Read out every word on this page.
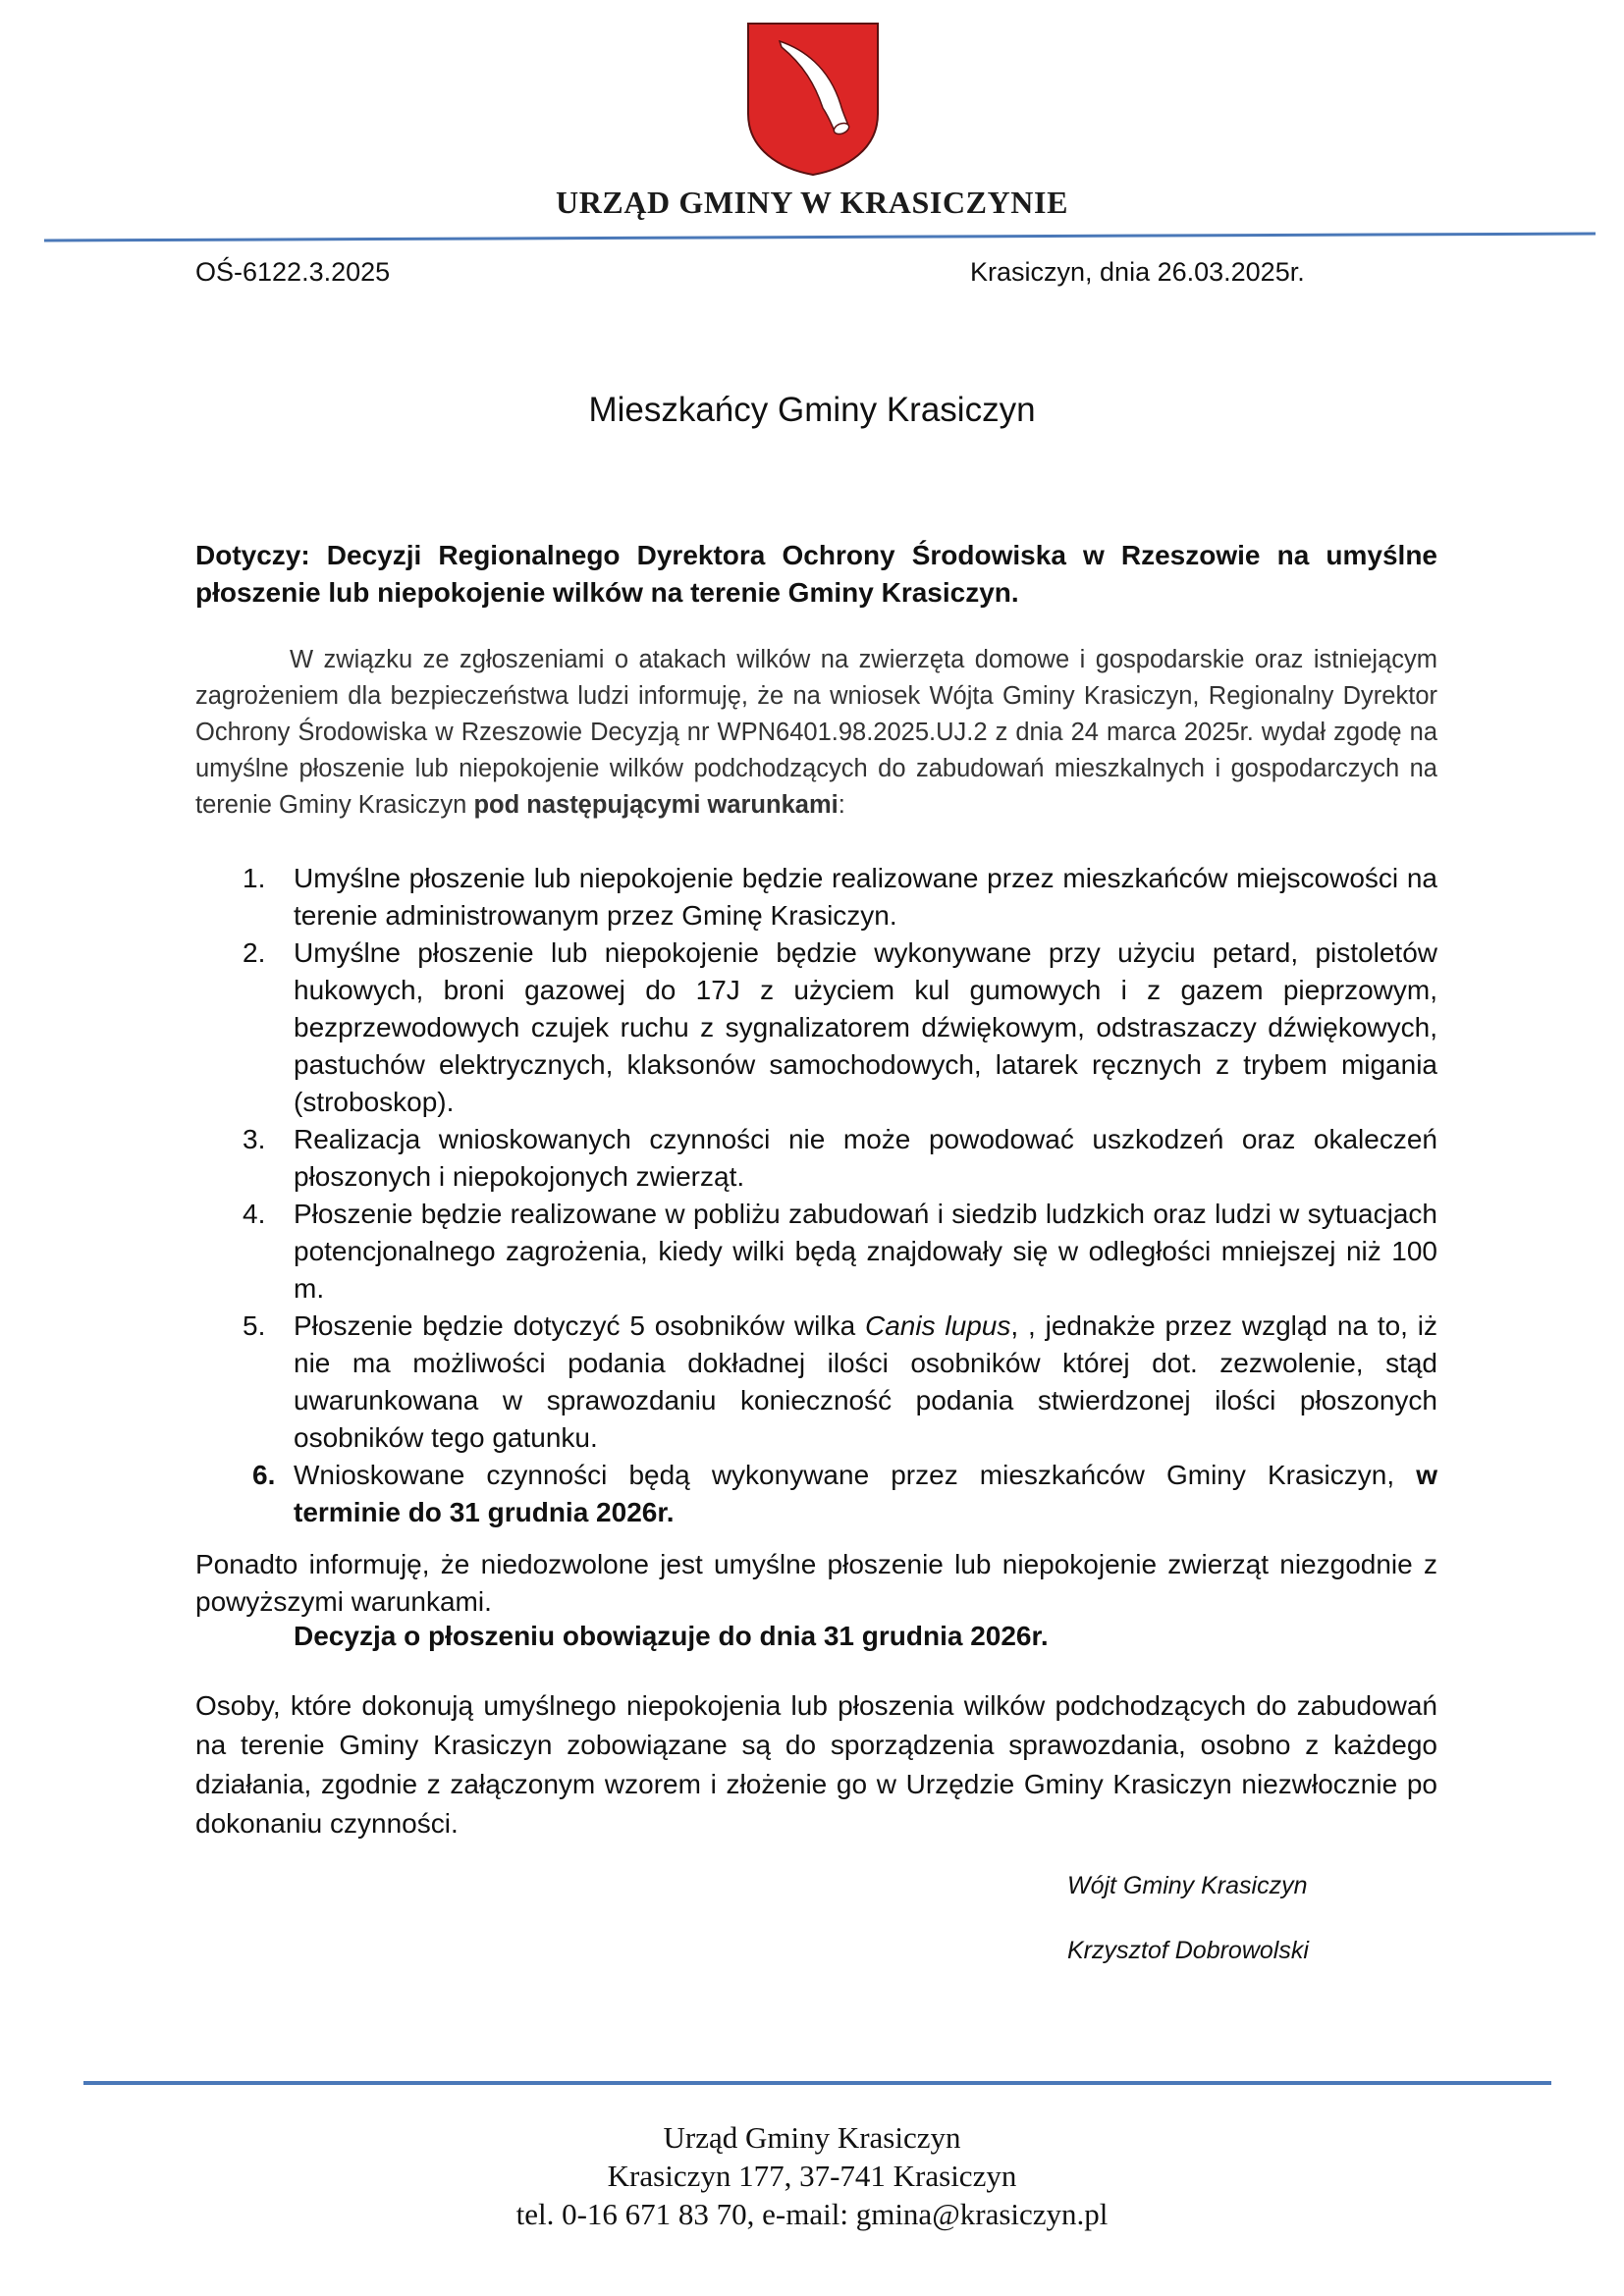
URZĄD GMINY W KRASICZYNIE
OŚ-6122.3.2025	Krasiczyn, dnia 26.03.2025r.
Mieszkańcy Gminy Krasiczyn
Dotyczy: Decyzji Regionalnego Dyrektora Ochrony Środowiska w Rzeszowie na umyślne płoszenie lub niepokojenie wilków na terenie Gminy Krasiczyn.
W związku ze zgłoszeniami o atakach wilków na zwierzęta domowe i gospodarskie oraz istniejącym zagrożeniem dla bezpieczeństwa ludzi informuję, że na wniosek Wójta Gminy Krasiczyn, Regionalny Dyrektor Ochrony Środowiska w Rzeszowie Decyzją nr WPN6401.98.2025.UJ.2 z dnia 24 marca 2025r. wydał zgodę na umyślne płoszenie lub niepokojenie wilków podchodzących do zabudowań mieszkalnych i gospodarczych na terenie Gminy Krasiczyn pod następującymi warunkami:
1. Umyślne płoszenie lub niepokojenie będzie realizowane przez mieszkańców miejscowości na terenie administrowanym przez Gminę Krasiczyn.
2. Umyślne płoszenie lub niepokojenie będzie wykonywane przy użyciu petard, pistoletów hukowych, broni gazowej do 17J z użyciem kul gumowych i z gazem pieprzowym, bezprzewodowych czujek ruchu z sygnalizatorem dźwiękowym, odstraszaczy dźwiękowych, pastuchów elektrycznych, klaksonów samochodowych, latarek ręcznych z trybem migania (stroboskop).
3. Realizacja wnioskowanych czynności nie może powodować uszkodzeń oraz okaleczeń płoszonych i niepokojonych zwierząt.
4. Płoszenie będzie realizowane w pobliżu zabudowań i siedzib ludzkich oraz ludzi w sytuacjach potencjonalnego zagrożenia, kiedy wilki będą znajdowały się w odległości mniejszej niż 100 m.
5. Płoszenie będzie dotyczyć 5 osobników wilka Canis lupus, , jednakże przez wzgląd na to, iż nie ma możliwości podania dokładnej ilości osobników której dot. zezwolenie, stąd uwarunkowana w sprawozdaniu konieczność podania stwierdzonej ilości płoszonych osobników tego gatunku.
6. Wnioskowane czynności będą wykonywane przez mieszkańców Gminy Krasiczyn, w terminie do 31 grudnia 2026r.
Ponadto informuję, że niedozwolone jest umyślne płoszenie lub niepokojenie zwierząt niezgodnie z powyższymi warunkami.
Decyzja o płoszeniu obowiązuje do dnia 31 grudnia 2026r.
Osoby, które dokonują umyślnego niepokojenia lub płoszenia wilków podchodzących do zabudowań na terenie Gminy Krasiczyn zobowiązane są do sporządzenia sprawozdania, osobno z każdego działania, zgodnie z załączonym wzorem i złożenie go w Urzędzie Gminy Krasiczyn niezwłocznie po dokonaniu czynności.
Wójt Gminy Krasiczyn
Krzysztof Dobrowolski
Urząd Gminy Krasiczyn
Krasiczyn 177, 37-741 Krasiczyn
tel. 0-16 671 83 70, e-mail: gmina@krasiczyn.pl
